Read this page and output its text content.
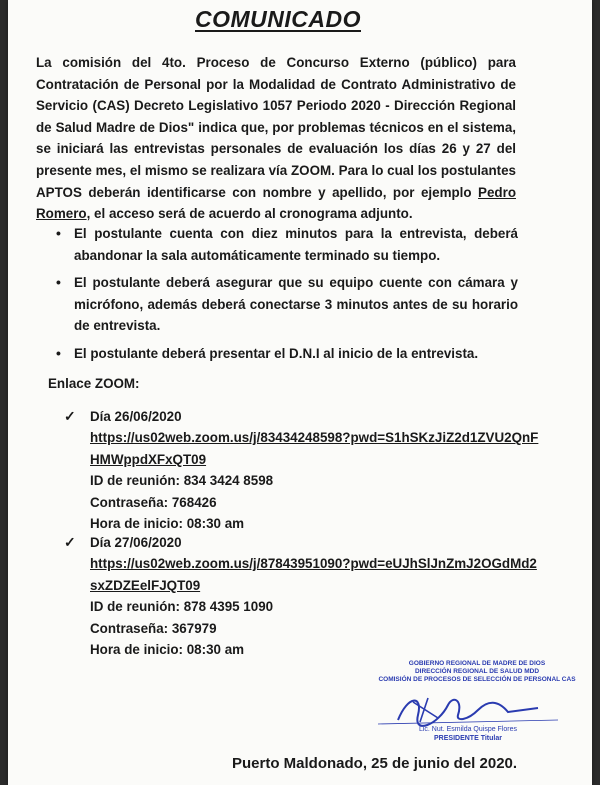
COMUNICADO
La comisión del 4to. Proceso de Concurso Externo (público) para Contratación de Personal por la Modalidad de Contrato Administrativo de Servicio (CAS) Decreto Legislativo 1057 Periodo 2020 - Dirección Regional de Salud Madre de Dios" indica que, por problemas técnicos en el sistema, se iniciará las entrevistas personales de evaluación los días 26 y 27 del presente mes, el mismo se realizara vía ZOOM. Para lo cual los postulantes APTOS deberán identificarse con nombre y apellido, por ejemplo Pedro Romero, el acceso será de acuerdo al cronograma adjunto.
• El postulante cuenta con diez minutos para la entrevista, deberá abandonar la sala automáticamente terminado su tiempo.
• El postulante deberá asegurar que su equipo cuente con cámara y micrófono, además deberá conectarse 3 minutos antes de su horario de entrevista.
• El postulante deberá presentar el D.N.I al inicio de la entrevista.
Enlace ZOOM:
✓ Día 26/06/2020
https://us02web.zoom.us/j/83434248598?pwd=S1hSKzJiZ2d1ZVU2QnF
HMWppdXFxQT09
ID de reunión: 834 3424 8598
Contraseña: 768426
Hora de inicio: 08:30 am
✓ Día 27/06/2020
https://us02web.zoom.us/j/87843951090?pwd=eUJhSlJnZmJ2OGdMd2
sxZDZEelFJQT09
ID de reunión: 878 4395 1090
Contraseña: 367979
Hora de inicio: 08:30 am
GOBIERNO REGIONAL DE MADRE DE DIOS
DIRECCIÓN REGIONAL DE SALUD MDD
COMISIÓN DE PROCESOS DE SELECCIÓN DE PERSONAL CAS
Lic. Nut. Esmilda Quispe Flores
PRESIDENTE Titular
Puerto Maldonado, 25 de junio del 2020.
